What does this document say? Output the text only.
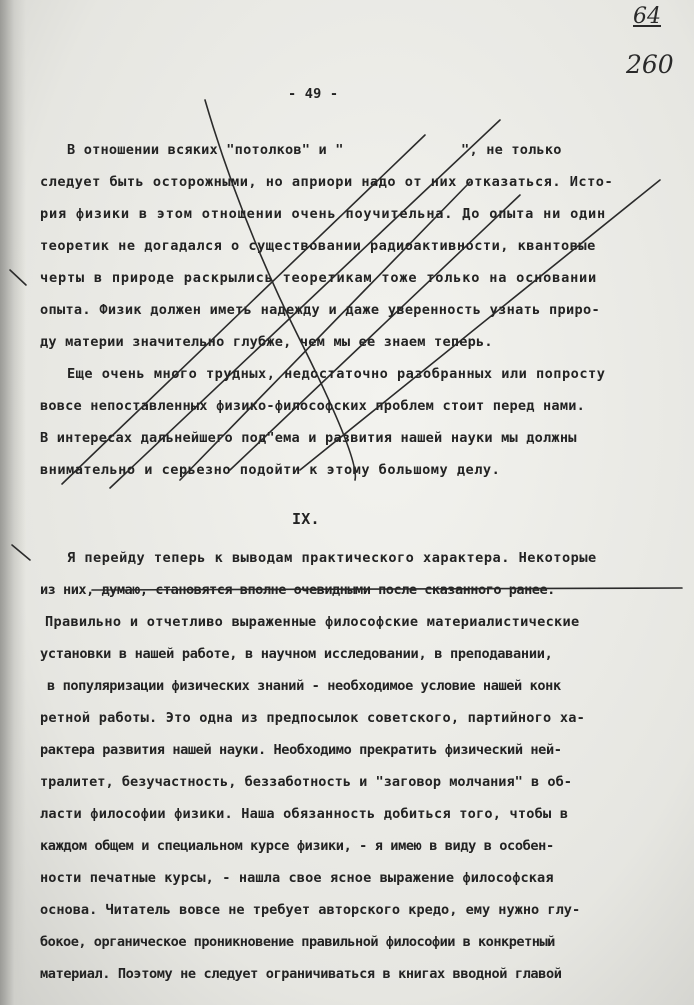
64
260
- 49 -
В отношении всяких "потолков" и "              ", не только
следует быть осторожными, но априори надо от них отказаться. Исто-
рия физики в этом отношении очень поучительна. До опыта ни один
теоретик не догадался о существовании радиоактивности, квантовые
черты в природе раскрылись теоретикам тоже только на основании
опыта. Физик должен иметь надежду и даже уверенность узнать приро-
ду материи значительно глубже, чем мы ее знаем теперь.
Еще очень много трудных, недостаточно разобранных или попросту
вовсе непоставленных физико-философских проблем стоит перед нами.
В интересах дальнейшего под"ема и развития нашей науки мы должны
внимательно и серьезно подойти к этому большому делу.
IX.
Я перейду теперь к выводам практического характера. Некоторые
из них, думаю, становятся вполне очевидными после сказанного ранее.
Правильно и отчетливо выраженные философские материалистические
установки в нашей работе, в научном исследовании, в преподавании,
в популяризации физических знаний - необходимое условие нашей конк
ретной работы. Это одна из предпосылок советского, партийного ха-
рактера развития нашей науки. Необходимо прекратить физический ней-
тралитет, безучастность, беззаботность и "заговор молчания" в об-
ласти философии физики. Наша обязанность добиться того, чтобы в
каждом общем и специальном курсе физики, - я имею в виду в особен-
ности печатные курсы, - нашла свое ясное выражение философская
основа. Читатель вовсе не требует авторского кредо, ему нужно глу-
бокое, органическое проникновение правильной философии в конкретный
материал. Поэтому не следует ограничиваться в книгах вводной главой
